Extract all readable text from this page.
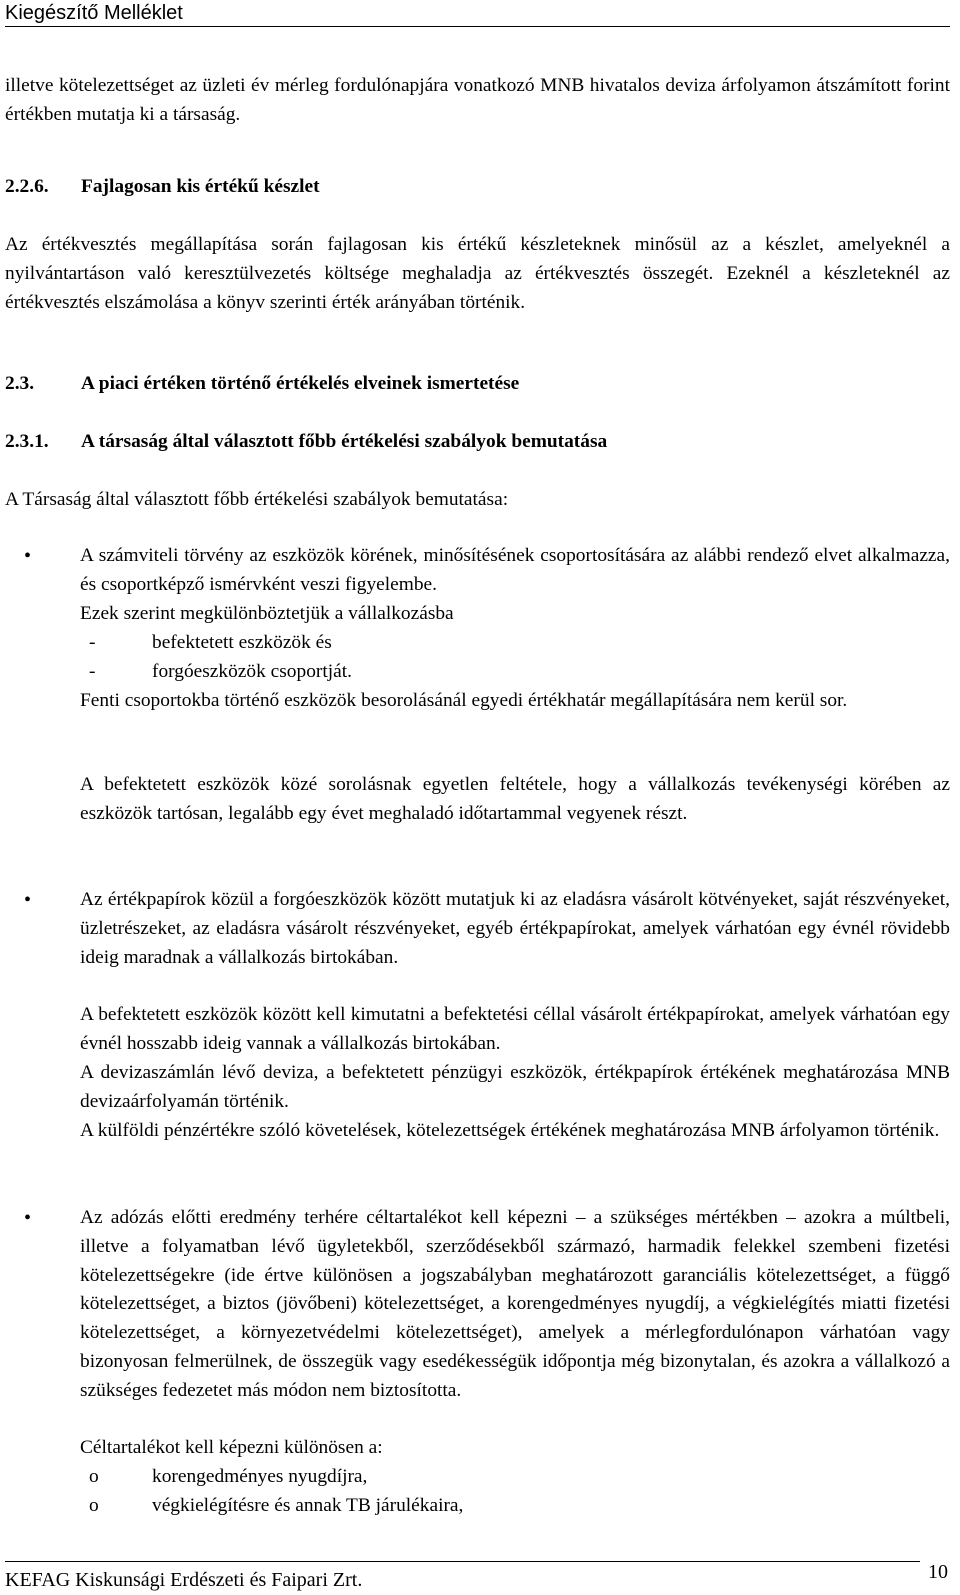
Kiegészítő Melléklet
illetve kötelezettséget az üzleti év mérleg fordulónapjára vonatkozó MNB hivatalos deviza árfolyamon átszámított forint értékben mutatja ki a társaság.
2.2.6. Fajlagosan kis értékű készlet
Az értékvesztés megállapítása során fajlagosan kis értékű készleteknek minősül az a készlet, amelyeknél a nyilvántartáson való keresztülvezetés költsége meghaladja az értékvesztés összegét. Ezeknél a készleteknél az értékvesztés elszámolása a könyv szerinti érték arányában történik.
2.3. A piaci értéken történő értékelés elveinek ismertetése
2.3.1. A társaság által választott főbb értékelési szabályok bemutatása
A Társaság által választott főbb értékelési szabályok bemutatása:
•	A számviteli törvény az eszközök körének, minősítésének csoportosítására az alábbi rendező elvet alkalmazza, és csoportképző ismérvként veszi figyelembe.
Ezek szerint megkülönböztetjük a vállalkozásba
-	befektetett eszközök és
-	forgóeszközök csoportját.
Fenti csoportokba történő eszközök besorolásánál egyedi értékhatár megállapítására nem kerül sor.
A befektetett eszközök közé sorolásnak egyetlen feltétele, hogy a vállalkozás tevékenységi körében az eszközök tartósan, legalább egy évet meghaladó időtartammal vegyenek részt.
•	Az értékpapírok közül a forgóeszközök között mutatjuk ki az eladásra vásárolt kötvényeket, saját részvényeket, üzletrészeket, az eladásra vásárolt részvényeket, egyéb értékpapírokat, amelyek várhatóan egy évnél rövidebb ideig maradnak a vállalkozás birtokában.
A befektetett eszközök között kell kimutatni a befektetési céllal vásárolt értékpapírokat, amelyek várhatóan egy évnél hosszabb ideig vannak a vállalkozás birtokában.
A devizaszámlán lévő deviza, a befektetett pénzügyi eszközök, értékpapírok értékének meghatározása MNB devizaárfolyamán történik.
A külföldi pénzértékre szóló követelések, kötelezettségek értékének meghatározása MNB árfolyamon történik.
•	Az adózás előtti eredmény terhére céltartalékot kell képezni – a szükséges mértékben – azokra a múltbeli, illetve a folyamatban lévő ügyletekből, szerződésekből származó, harmadik felekkel szembeni fizetési kötelezettségekre (ide értve különösen a jogszabályban meghatározott garanciális kötelezettséget, a függő kötelezettséget, a biztos (jövőbeni) kötelezettséget, a korengedményes nyugdíj, a végkielégítés miatti fizetési kötelezettséget, a környezetvédelmi kötelezettséget), amelyek a mérlegfordulónapon várhatóan vagy bizonyosan felmerülnek, de összegük vagy esedékességük időpontja még bizonytalan, és azokra a vállalkozó a szükséges fedezetet más módon nem biztosította.
Céltartalékot kell képezni különösen a:
o	korengedményes nyugdíjra,
o	végkielégítésre és annak TB járulékaira,
KEFAG Kiskunsági Erdészeti és Faipari Zrt.	10
